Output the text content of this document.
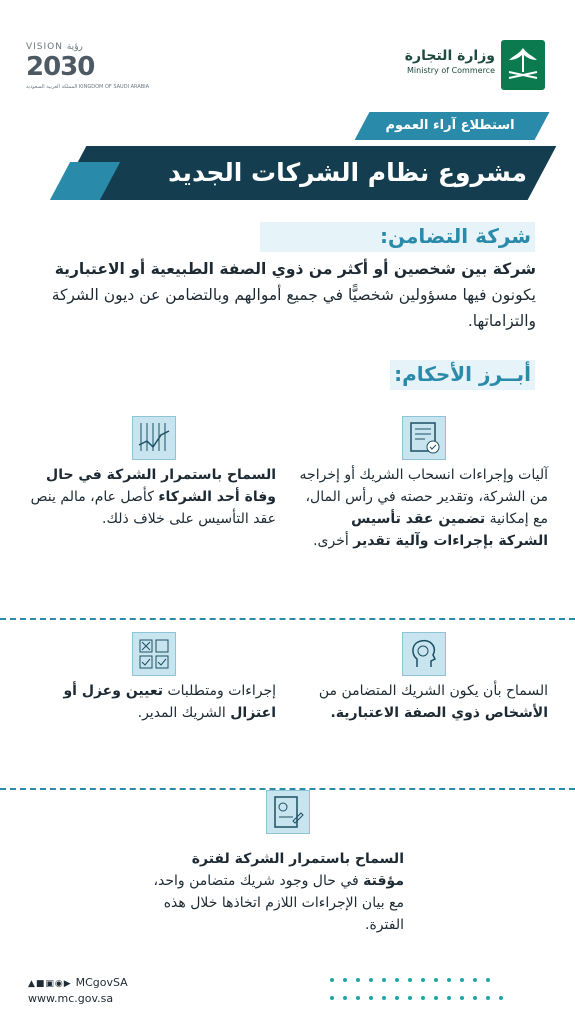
VISION رؤية
2030
المملكة العربية السعودية KINGDOM OF SAUDI ARABIA
وزارة التجارة
Ministry of Commerce
استطلاع آراء العموم
مشروع نظام الشركات الجديد
شركة التضامن:
شركة بين شخصين أو أكثر من ذوي الصفة الطبيعية أو الاعتبارية يكونون فيها مسؤولين شخصيًّا في جميع أموالهم وبالتضامن عن ديون الشركة والتزاماتها.
أبــرز الأحكام:
آليات وإجراءات انسحاب الشريك أو إخراجه من الشركة، وتقدير حصته في رأس المال، مع إمكانية تضمين عقد تأسيس الشركة بإجراءات وآلية تقدير أخرى.
السماح باستمرار الشركة في حال وفاة أحد الشركاء كأصل عام، مالم ينص عقد التأسيس على خلاف ذلك.
السماح بأن يكون الشريك المتضامن من الأشخاص ذوي الصفة الاعتبارية.
إجراءات ومتطلبات تعيين وعزل أو اعتزال الشريك المدير.
السماح باستمرار الشركة لفترة مؤقتة في حال وجود شريك متضامن واحد، مع بيان الإجراءات اللازم اتخاذها خلال هذه الفترة.
▲■▣◉▶ MCgovSA
www.mc.gov.sa
